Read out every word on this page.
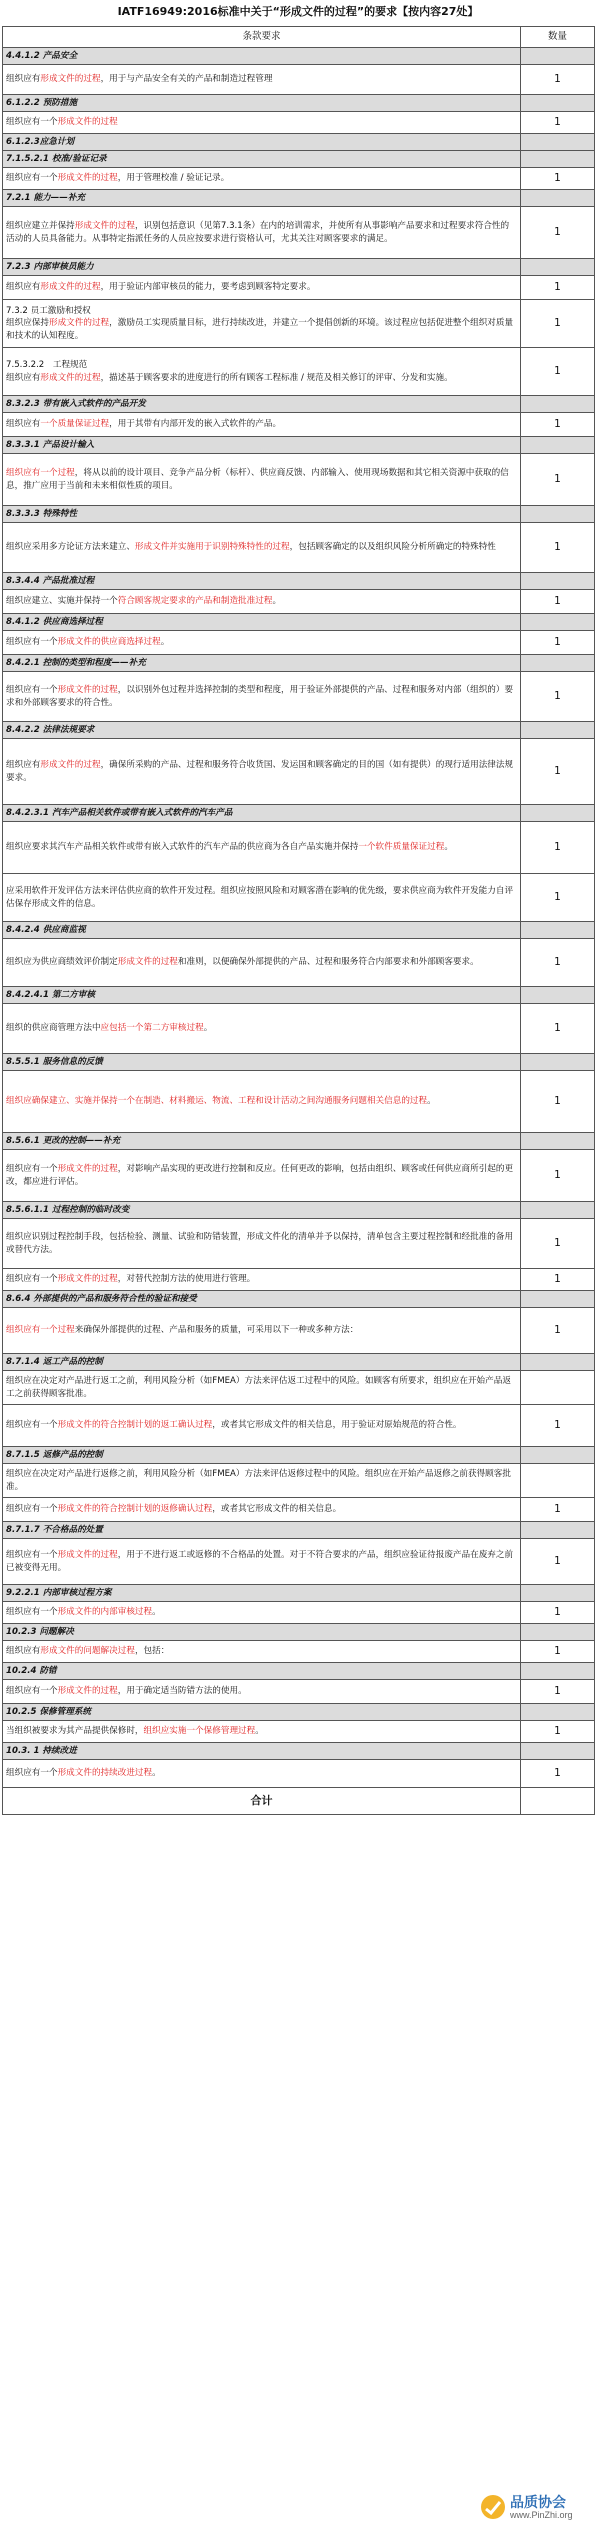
IATF16949:2016标准中关于“形成文件的过程”的要求【按内容27处】
条款要求	数量
4.4.1.2 产品安全	
组织应有形成文件的过程，用于与产品安全有关的产品和制造过程管理	1
6.1.2.2 预防措施	
组织应有一个形成文件的过程	1
6.1.2.3应急计划	
7.1.5.2.1 校准/验证记录	
组织应有一个形成文件的过程，用于管理校准 / 验证记录。	1
7.2.1 能力——补充	
组织应建立并保持形成文件的过程，识别包括意识（见第7.3.1条）在内的培训需求，并使所有从事影响产品要求和过程要求符合性的活动的人员具备能力。从事特定指派任务的人员应按要求进行资格认可，尤其关注对顾客要求的满足。	1
7.2.3 内部审核员能力	
组织应有形成文件的过程，用于验证内部审核员的能力，要考虑到顾客特定要求。	1
7.3.2 员工激励和授权
组织应保持形成文件的过程，激励员工实现质量目标，进行持续改进，并建立一个提倡创新的环境。该过程应包括促进整个组织对质量和技术的认知程度。	1
7.5.3.2.2　工程规范
组织应有形成文件的过程，描述基于顾客要求的进度进行的所有顾客工程标准 / 规范及相关修订的评审、分发和实施。	1
8.3.2.3 带有嵌入式软件的产品开发	
组织应有一个质量保证过程，用于其带有内部开发的嵌入式软件的产品。	1
8.3.3.1 产品设计输入	
组织应有一个过程，将从以前的设计项目、竞争产品分析（标杆）、供应商反馈、内部输入、使用现场数据和其它相关资源中获取的信息，推广应用于当前和未来相似性质的项目。	1
8.3.3.3 特殊特性	
组织应采用多方论证方法来建立、形成文件并实施用于识别特殊特性的过程，包括顾客确定的以及组织风险分析所确定的特殊特性	1
8.3.4.4 产品批准过程	
组织应建立、实施并保持一个符合顾客规定要求的产品和制造批准过程。	1
8.4.1.2 供应商选择过程	
组织应有一个形成文件的供应商选择过程。	1
8.4.2.1 控制的类型和程度——补充	
组织应有一个形成文件的过程，以识别外包过程并选择控制的类型和程度，用于验证外部提供的产品、过程和服务对内部（组织的）要求和外部顾客要求的符合性。	1
8.4.2.2 法律法规要求	
组织应有形成文件的过程，确保所采购的产品、过程和服务符合收货国、发运国和顾客确定的目的国（如有提供）的现行适用法律法规要求。	1
8.4.2.3.1 汽车产品相关软件或带有嵌入式软件的汽车产品	
组织应要求其汽车产品相关软件或带有嵌入式软件的汽车产品的供应商为各自产品实施并保持一个软件质量保证过程。	1
应采用软件开发评估方法来评估供应商的软件开发过程。组织应按照风险和对顾客潜在影响的优先级，要求供应商为软件开发能力自评估保存形成文件的信息。	1
8.4.2.4 供应商监视	
组织应为供应商绩效评价制定形成文件的过程和准则，以便确保外部提供的产品、过程和服务符合内部要求和外部顾客要求。	1
8.4.2.4.1 第二方审核	
组织的供应商管理方法中应包括一个第二方审核过程。	1
8.5.5.1 服务信息的反馈	
组织应确保建立、实施并保持一个在制造、材料搬运、物流、工程和设计活动之间沟通服务问题相关信息的过程。	1
8.5.6.1 更改的控制——补充	
组织应有一个形成文件的过程，对影响产品实现的更改进行控制和反应。任何更改的影响，包括由组织、顾客或任何供应商所引起的更改，都应进行评估。	1
8.5.6.1.1 过程控制的临时改变	
组织应识别过程控制手段，包括检验、测量、试验和防错装置，形成文件化的清单并予以保持，清单包含主要过程控制和经批准的备用或替代方法。	1
组织应有一个形成文件的过程，对替代控制方法的使用进行管理。	1
8.6.4 外部提供的产品和服务符合性的验证和接受	
组织应有一个过程来确保外部提供的过程、产品和服务的质量，可采用以下一种或多种方法：	1
8.7.1.4 返工产品的控制	
组织应在决定对产品进行返工之前，利用风险分析（如FMEA）方法来评估返工过程中的风险。如顾客有所要求，组织应在开始产品返工之前获得顾客批准。	
组织应有一个形成文件的符合控制计划的返工确认过程，或者其它形成文件的相关信息，用于验证对原始规范的符合性。	1
8.7.1.5 返修产品的控制	
组织应在决定对产品进行返修之前，利用风险分析（如FMEA）方法来评估返修过程中的风险。组织应在开始产品返修之前获得顾客批准。	
组织应有一个形成文件的符合控制计划的返修确认过程，或者其它形成文件的相关信息。	1
8.7.1.7 不合格品的处置	
组织应有一个形成文件的过程，用于不进行返工或返修的不合格品的处置。对于不符合要求的产品，组织应验证待报废产品在废弃之前已被变得无用。	1
9.2.2.1 内部审核过程方案	
组织应有一个形成文件的内部审核过程。	1
10.2.3 问题解决	
组织应有形成文件的问题解决过程，包括：	1
10.2.4 防错	
组织应有一个形成文件的过程，用于确定适当防错方法的使用。	1
10.2.5 保修管理系统	
当组织被要求为其产品提供保修时，组织应实施一个保修管理过程。	1
10.3. 1 持续改进	
组织应有一个形成文件的持续改进过程。	1
合计	
品质协会
www.PinZhi.org
